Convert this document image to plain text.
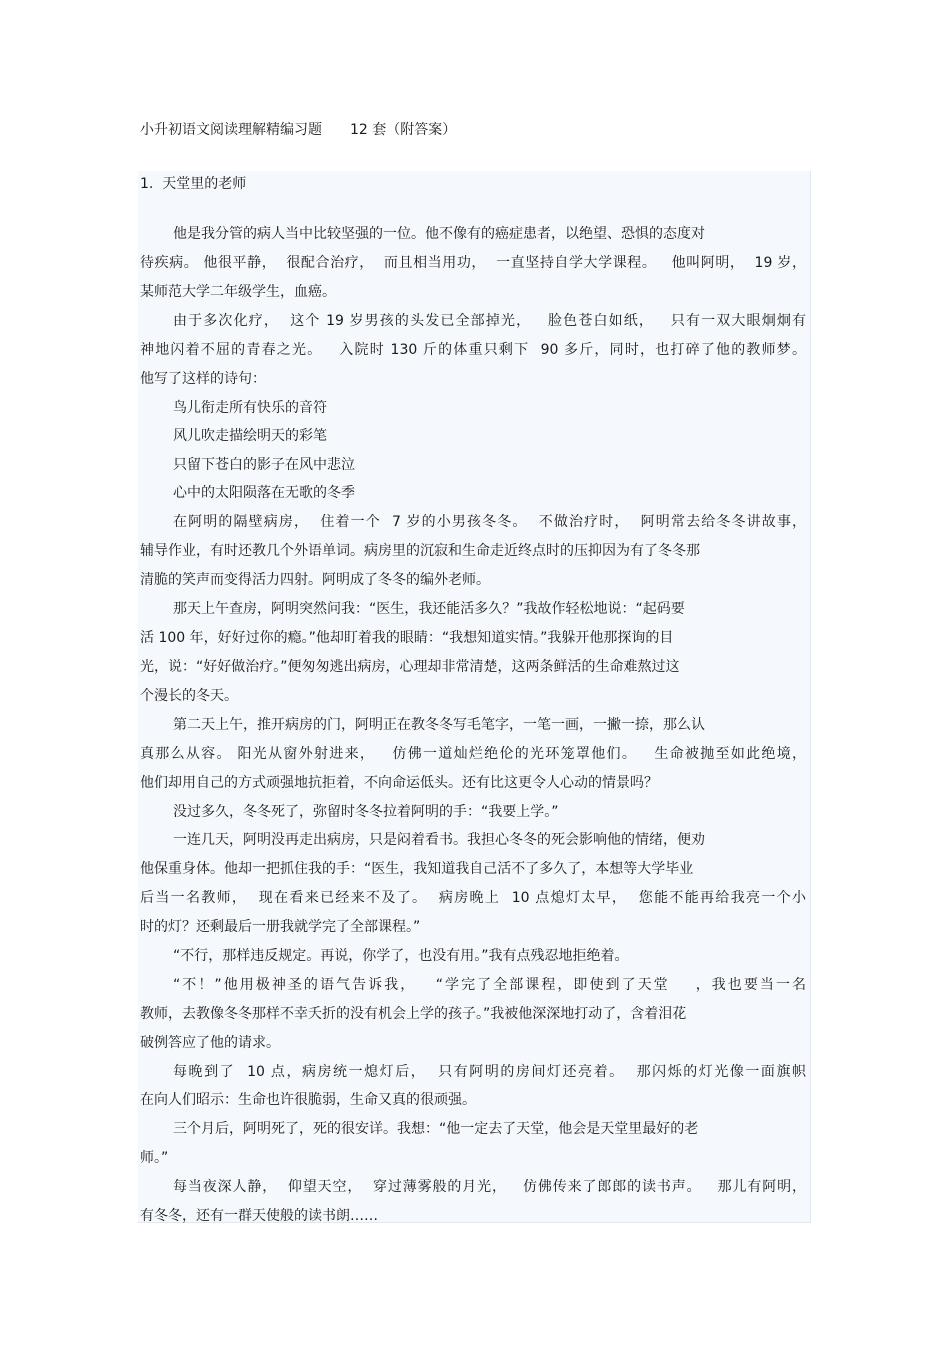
小升初语文阅读理解精编习题　　12 套（附答案）
1.  天堂里的老师
他是我分管的病人当中比较坚强的一位。他不像有的癌症患者，以绝望、恐惧的态度对
待疾病。 他很平静，  很配合治疗，  而且相当用功，  一直坚持自学大学课程。   他叫阿明，  19 岁，
某师范大学二年级学生，血癌。
由于多次化疗，  这个 19 岁男孩的头发已全部掉光，   脸色苍白如纸，   只有一双大眼炯炯有
神地闪着不屈的青春之光。   入院时 130 斤的体重只剩下  90 多斤，同时，也打碎了他的教师梦。
他写了这样的诗句：
鸟儿衔走所有快乐的音符
风儿吹走描绘明天的彩笔
只留下苍白的影子在风中悲泣
心中的太阳陨落在无歌的冬季
在阿明的隔壁病房，  住着一个  7 岁的小男孩冬冬。  不做治疗时，  阿明常去给冬冬讲故事，
辅导作业，有时还教几个外语单词。病房里的沉寂和生命走近终点时的压抑因为有了冬冬那
清脆的笑声而变得活力四射。阿明成了冬冬的编外老师。
那天上午查房，阿明突然问我：“医生，我还能活多久？”我故作轻松地说：“起码要
活 100 年，好好过你的瘾。”他却盯着我的眼睛：“我想知道实情。”我躲开他那探询的目
光，说：“好好做治疗。”便匆匆逃出病房，心理却非常清楚，这两条鲜活的生命难熬过这
个漫长的冬天。
第二天上午，推开病房的门，阿明正在教冬冬写毛笔字，一笔一画，一撇一捺，那么认
真那么从容。 阳光从窗外射进来，   仿佛一道灿烂绝伦的光环笼罩他们。   生命被抛至如此绝境，
他们却用自己的方式顽强地抗拒着，不向命运低头。还有比这更令人心动的情景吗？
没过多久，冬冬死了，弥留时冬冬拉着阿明的手：“我要上学。”
一连几天，阿明没再走出病房，只是闷着看书。我担心冬冬的死会影响他的情绪，便劝
他保重身体。他却一把抓住我的手：“医生，我知道我自己活不了多久了，本想等大学毕业
后当一名教师，  现在看来已经来不及了。  病房晚上  10 点熄灯太早，  您能不能再给我亮一个小
时的灯？还剩最后一册我就学完了全部课程。”
“不行，那样违反规定。再说，你学了，也没有用。”我有点残忍地拒绝着。
“不！”他用极神圣的语气告诉我，   “学完了全部课程，即使到了天堂    ，我也要当一名
教师，去教像冬冬那样不幸夭折的没有机会上学的孩子。”我被他深深地打动了，含着泪花
破例答应了他的请求。
每晚到了  10 点，病房统一熄灯后，  只有阿明的房间灯还亮着。  那闪烁的灯光像一面旗帜
在向人们昭示：生命也许很脆弱，生命又真的很顽强。
三个月后，阿明死了，死的很安详。我想：“他一定去了天堂，他会是天堂里最好的老
师。”
每当夜深人静，  仰望天空，  穿过薄雾般的月光，   仿佛传来了郎郎的读书声。   那儿有阿明，
有冬冬，还有一群天使般的读书朗……
